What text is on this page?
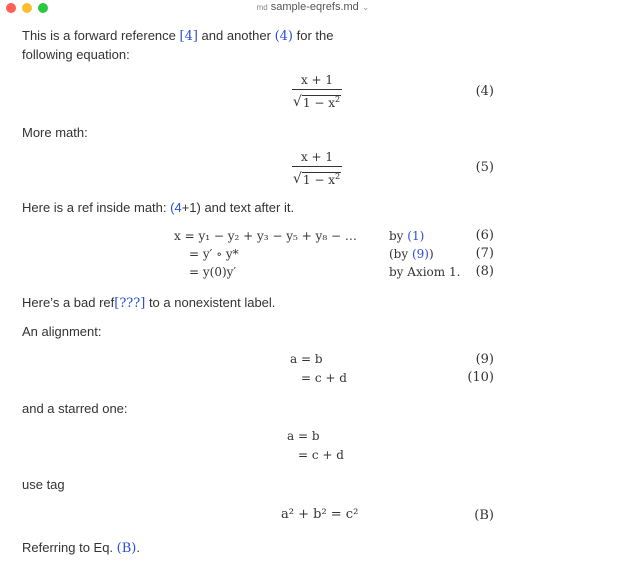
md sample-eqrefs.md ⌄
This is a forward reference [4] and another (4) for the
following equation:
x + 1
√ $1 - x^2$
(4)
More math:
x + 1
√ $1 - x^2$
(5)
Here is a ref inside math: (4+1) and text after it.
x = y₁ − y₂ + y₃ − y₅ + y₈ − …
= y′ ∘ y*
= y(0)y′
by (1)
(by (9))
by Axiom 1.
(6)
(7)
(8)
Here’s a bad ref[???] to a nonexistent label.
An alignment:
a = b
= c + d
(9)
(10)
and a starred one:
a = b
= c + d
use tag
a² + b² = c²	(B)
Referring to Eq. (B).
